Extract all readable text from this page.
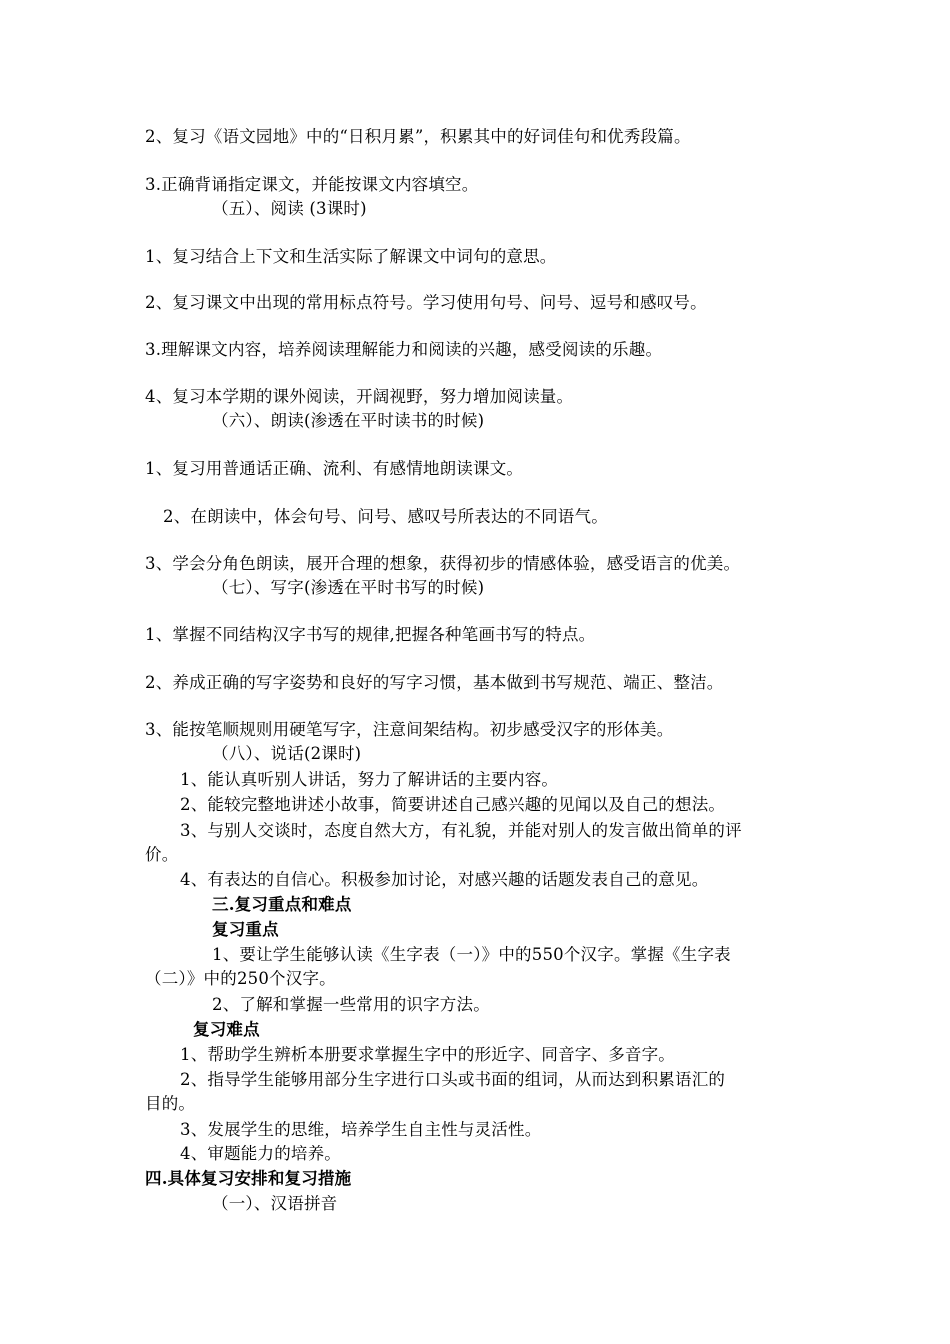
2、复习《语文园地》中的“日积月累”，积累其中的好词佳句和优秀段篇。
3.正确背诵指定课文，并能按课文内容填空。
（五）、阅读 (3课时)
1、复习结合上下文和生活实际了解课文中词句的意思。
2、复习课文中出现的常用标点符号。学习使用句号、问号、逗号和感叹号。
3.理解课文内容，培养阅读理解能力和阅读的兴趣，感受阅读的乐趣。
4、复习本学期的课外阅读，开阔视野，努力增加阅读量。
（六）、朗读(渗透在平时读书的时候)
1、复习用普通话正确、流利、有感情地朗读课文。
2、在朗读中，体会句号、问号、感叹号所表达的不同语气。
3、学会分角色朗读，展开合理的想象，获得初步的情感体验，感受语言的优美。
（七）、写字(渗透在平时书写的时候)
1、掌握不同结构汉字书写的规律,把握各种笔画书写的特点。
2、养成正确的写字姿势和良好的写字习惯，基本做到书写规范、端正、整洁。
3、能按笔顺规则用硬笔写字，注意间架结构。初步感受汉字的形体美。
（八）、说话(2课时)
1、能认真听别人讲话，努力了解讲话的主要内容。
2、能较完整地讲述小故事，简要讲述自己感兴趣的见闻以及自己的想法。
3、与别人交谈时，态度自然大方，有礼貌，并能对别人的发言做出简单的评
价。
4、有表达的自信心。积极参加讨论，对感兴趣的话题发表自己的意见。
三.复习重点和难点
复习重点
1、要让学生能够认读《生字表（一）》中的550个汉字。掌握《生字表
（二）》中的250个汉字。
2、了解和掌握一些常用的识字方法。
复习难点
1、帮助学生辨析本册要求掌握生字中的形近字、同音字、多音字。
2、指导学生能够用部分生字进行口头或书面的组词，从而达到积累语汇的
目的。
3、发展学生的思维，培养学生自主性与灵活性。
4、审题能力的培养。
四.具体复习安排和复习措施
（一）、汉语拼音
